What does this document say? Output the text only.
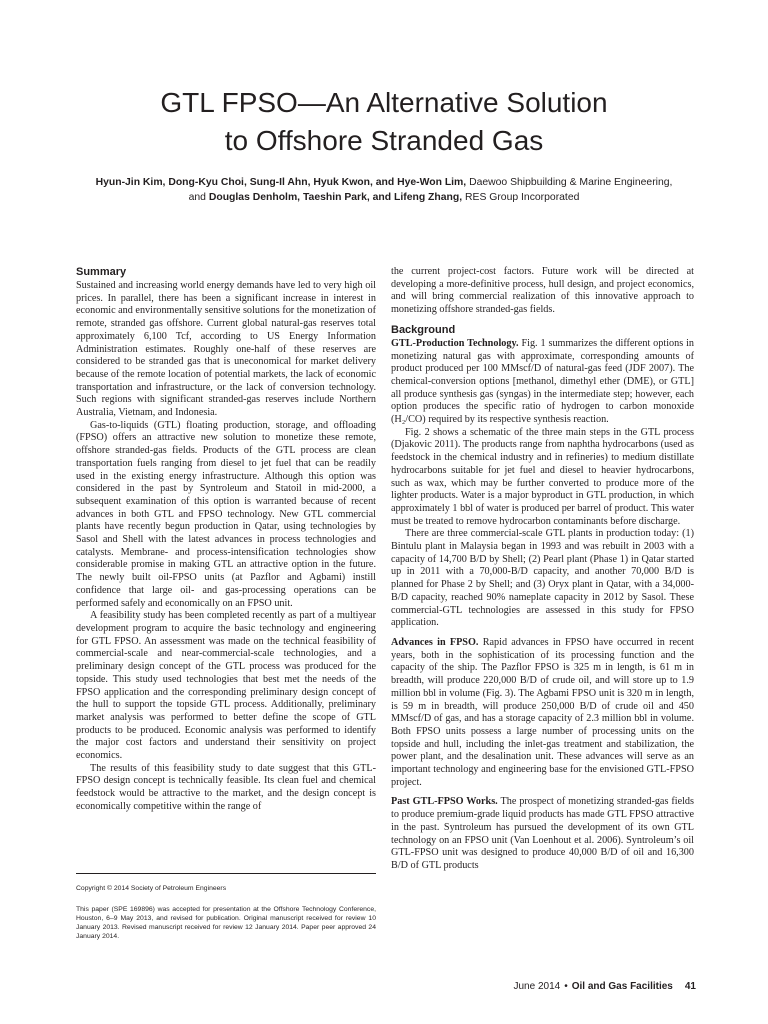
GTL FPSO—An Alternative Solution
to Offshore Stranded Gas
Hyun-Jin Kim, Dong-Kyu Choi, Sung-Il Ahn, Hyuk Kwon, and Hye-Won Lim, Daewoo Shipbuilding & Marine Engineering,
and Douglas Denholm, Taeshin Park, and Lifeng Zhang, RES Group Incorporated
Summary

Sustained and increasing world energy demands have led to very high oil prices. In parallel, there has been a significant increase in interest in economic and environmentally sensitive solutions for the monetization of remote, stranded gas offshore. Current global natural-gas reserves total approximately 6,100 Tcf, according to US Energy Information Administration estimates. Roughly one-half of these reserves are considered to be stranded gas that is uneconomical for market delivery because of the remote location of potential markets, the lack of economic transportation and infrastructure, or the lack of conversion technology. Such regions with significant stranded-gas reserves include Northern Australia, Vietnam, and Indonesia.

Gas-to-liquids (GTL) floating production, storage, and offloading (FPSO) offers an attractive new solution to monetize these remote, offshore stranded-gas fields. Products of the GTL process are clean transportation fuels ranging from diesel to jet fuel that can be readily used in the existing energy infrastructure. Although this option was considered in the past by Syntroleum and Statoil in mid-2000, a subsequent examination of this option is warranted because of recent advances in both GTL and FPSO technology. New GTL commercial plants have recently begun production in Qatar, using technologies by Sasol and Shell with the latest advances in process technologies and catalysts. Membrane- and process-intensification technologies show considerable promise in making GTL an attractive option in the future. The newly built oil-FPSO units (at Pazflor and Agbami) instill confidence that large oil- and gas-processing operations can be performed safely and economically on an FPSO unit.

A feasibility study has been completed recently as part of a multiyear development program to acquire the basic technology and engineering for GTL FPSO. An assessment was made on the technical feasibility of commercial-scale and near-commercial-scale technologies, and a preliminary design concept of the GTL process was produced for the topside. This study used technologies that best met the needs of the FPSO application and the corresponding preliminary design concept of the hull to support the topside GTL process. Additionally, preliminary market analysis was performed to better define the scope of GTL products to be produced. Economic analysis was performed to identify the major cost factors and understand their sensitivity on project economics.

The results of this feasibility study to date suggest that this GTL-FPSO design concept is technically feasible. Its clean fuel and chemical feedstock would be attractive to the market, and the design concept is economically competitive within the range of

the current project-cost factors. Future work will be directed at developing a more-definitive process, hull design, and project economics, and will bring commercial realization of this innovative approach to monetizing offshore stranded-gas fields.

Background

GTL-Production Technology. Fig. 1 summarizes the different options in monetizing natural gas with approximate, corresponding amounts of product produced per 100 MMscf/D of natural-gas feed (JDF 2007). The chemical-conversion options [methanol, dimethyl ether (DME), or GTL] all produce synthesis gas (syngas) in the intermediate step; however, each option produces the specific ratio of hydrogen to carbon monoxide (H₂/CO) required by its respective synthesis reaction.

Fig. 2 shows a schematic of the three main steps in the GTL process (Djakovic 2011). The products range from naphtha hydrocarbons (used as feedstock in the chemical industry and in refineries) to medium distillate hydrocarbons suitable for jet fuel and diesel to heavier hydrocarbons, such as wax, which may be further converted to produce more of the lighter products. Water is a major byproduct in GTL production, in which approximately 1 bbl of water is produced per barrel of product. This water must be treated to remove hydrocarbon contaminants before discharge.

There are three commercial-scale GTL plants in production today: (1) Bintulu plant in Malaysia began in 1993 and was rebuilt in 2003 with a capacity of 14,700 B/D by Shell; (2) Pearl plant (Phase 1) in Qatar started up in 2011 with a 70,000-B/D capacity, and another 70,000 B/D is planned for Phase 2 by Shell; and (3) Oryx plant in Qatar, with a 34,000-B/D capacity, reached 90% nameplate capacity in 2012 by Sasol. These commercial-GTL technologies are assessed in this study for FPSO application.

Advances in FPSO. Rapid advances in FPSO have occurred in recent years, both in the sophistication of its processing function and the capacity of the ship. The Pazflor FPSO is 325 m in length, is 61 m in breadth, will produce 220,000 B/D of crude oil, and will store up to 1.9 million bbl in volume (Fig. 3). The Agbami FPSO unit is 320 m in length, is 59 m in breadth, will produce 250,000 B/D of crude oil and 450 MMscf/D of gas, and has a storage capacity of 2.3 million bbl in volume. Both FPSO units possess a large number of processing units on the topside and hull, including the inlet-gas treatment and stabilization, the power plant, and the desalination unit. These advances will serve as an important technology and engineering base for the envisioned GTL-FPSO project.

Past GTL-FPSO Works. The prospect of monetizing stranded-gas fields to produce premium-grade liquid products has made GTL FPSO attractive in the past. Syntroleum has pursued the development of its own GTL technology on an FPSO unit (Van Loenhout et al. 2006). Syntroleum’s oil GTL-FPSO unit was designed to produce 40,000 B/D of oil and 16,300 B/D of GTL products

Copyright © 2014 Society of Petroleum Engineers
This paper (SPE 169896) was accepted for presentation at the Offshore Technology Conference, Houston, 6–9 May 2013, and revised for publication. Original manuscript received for review 10 January 2013. Revised manuscript received for review 12 January 2014. Paper peer approved 24 January 2014.
June 2014 • Oil and Gas Facilities 41
